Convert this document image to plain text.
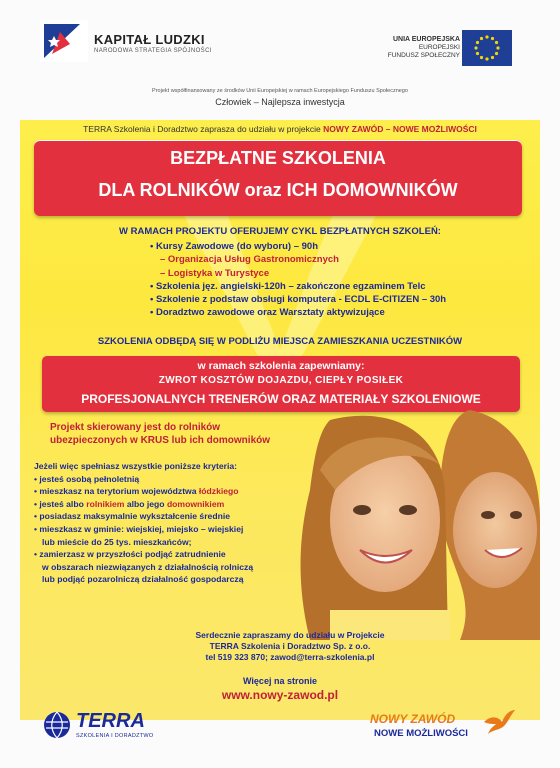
KAPITAŁ LUDZKI
NARODOWA STRATEGIA SPÓJNOŚCI
UNIA EUROPEJSKA
EUROPEJSKI
FUNDUSZ SPOŁECZNY
Projekt współfinansowany ze środków Unii Europejskiej w ramach Europejskiego Funduszu Społecznego
Człowiek – Najlepsza inwestycja
TERRA Szkolenia i Doradztwo zaprasza do udziału w projekcie NOWY ZAWÓD – NOWE MOŻLIWOŚCI
BEZPŁATNE SZKOLENIA
DLA ROLNIKÓW oraz ICH DOMOWNIKÓW
W RAMACH PROJEKTU OFERUJEMY CYKL BEZPŁATNYCH SZKOLEŃ:
• Kursy Zawodowe (do wyboru) – 90h
– Organizacja Usług Gastronomicznych
– Logistyka w Turystyce
• Szkolenia jęz. angielski-120h – zakończone egzaminem Telc
• Szkolenie z podstaw obsługi komputera - ECDL E-CITIZEN – 30h
• Doradztwo zawodowe oraz Warsztaty aktywizujące
SZKOLENIA ODBĘDĄ SIĘ W PODLIŻU MIEJSCA ZAMIESZKANIA UCZESTNIKÓW
w ramach szkolenia zapewniamy:
ZWROT KOSZTÓW DOJAZDU, CIEPŁY POSIŁEK
PROFESJONALNYCH TRENERÓW ORAZ MATERIAŁY SZKOLENIOWE
Projekt skierowany jest do rolników
ubezpieczonych w KRUS lub ich domowników
Jeżeli więc spełniasz wszystkie poniższe kryteria:
• jesteś osobą pełnoletnią
• mieszkasz na terytorium województwa łódzkiego
• jesteś albo rolnikiem albo jego domownikiem
• posiadasz maksymalnie wykształcenie średnie
• mieszkasz w gminie: wiejskiej, miejsko – wiejskiej
lub mieście do 25 tys. mieszkańców;
• zamierzasz w przyszłości podjąć zatrudnienie
w obszarach niezwiązanych z działalnością rolniczą
lub podjąć pozarolniczą działalność gospodarczą
Serdecznie zapraszamy do udziału w Projekcie
TERRA Szkolenia i Doradztwo Sp. z o.o.
tel 519 323 870; zawod@terra-szkolenia.pl
Więcej na stronie
www.nowy-zawod.pl
TERRA
SZKOLENIA I DORADZTWO
NOWY ZAWÓD
NOWE MOŻLIWOŚCI
